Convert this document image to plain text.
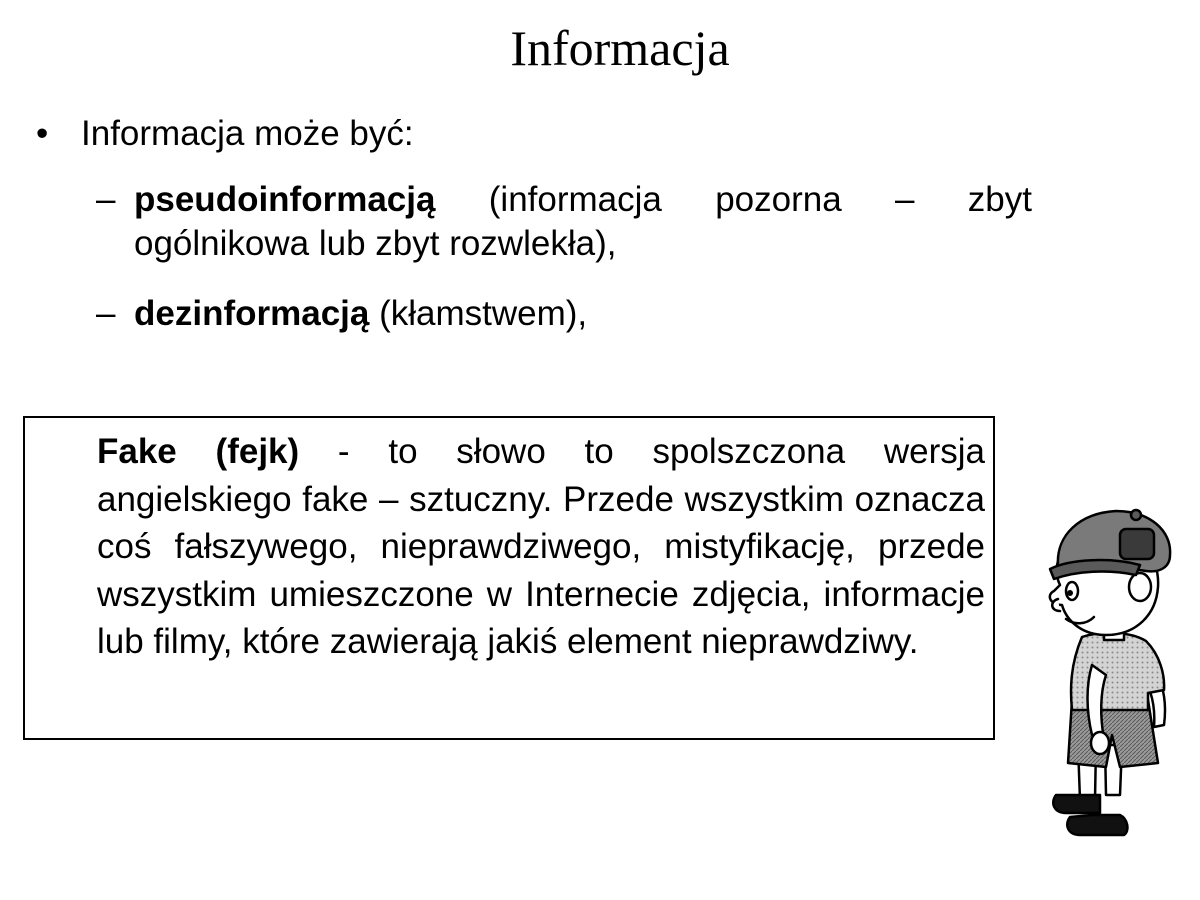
Informacja
• Informacja może być:
– pseudoinformacją (informacja pozorna – zbyt ogólnikowa lub zbyt rozwlekła),
– dezinformacją (kłamstwem),
Fake (fejk) - to słowo to spolszczona wersja angielskiego fake – sztuczny. Przede wszystkim oznacza coś fałszywego, nieprawdziwego, mistyfikację, przede wszystkim umieszczone w Internecie zdjęcia, informacje lub filmy, które zawierają jakiś element nieprawdziwy.
